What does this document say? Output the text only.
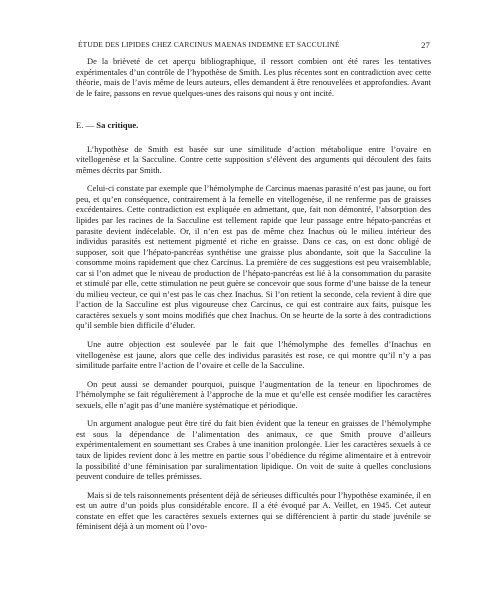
ÉTUDE DES LIPIDES CHEZ CARCINUS MAENAS INDEMNE ET SACCULINÉ	27

De la brièveté de cet aperçu bibliographique, il ressort combien ont été rares les tentatives expérimentales d’un contrôle de l’hypothèse de Smith. Les plus récentes sont en contradiction avec cette théorie, mais de l’avis même de leurs auteurs, elles demandent à être renouvelées et approfondies. Avant de le faire, passons en revue quelques-unes des raisons qui nous y ont incité.

E. — Sa critique.

L’hypothèse de Smith est basée sur une similitude d’action métabolique entre l’ovaire en vitellogenèse et la Sacculine. Contre cette supposition s’élèvent des arguments qui découlent des faits mêmes décrits par Smith.

Celui-ci constate par exemple que l’hémolymphe de Carcinus maenas parasité n’est pas jaune, ou fort peu, et qu’en conséquence, contrairement à la femelle en vitellogenèse, il ne renferme pas de graisses excédentaires. Cette contradiction est expliquée en admettant, que, fait non démontré, l’absorption des lipides par les racines de la Sacculine est tellement rapide que leur passage entre hépato-pancréas et parasite devient indécelable. Or, il n’en est pas de même chez Inachus où le milieu intérieur des individus parasités est nettement pigmenté et riche en graisse. Dans ce cas, on est donc obligé de supposer, soit que l’hépato-pancréas synthétise une graisse plus abondante, soit que la Sacculine la consomme moins rapidement que chez Carcinus. La première de ces suggestions est peu vraisemblable, car si l’on admet que le niveau de production de l’hépato-pancréas est lié à la consommation du parasite et stimulé par elle, cette stimulation ne peut guère se concevoir que sous forme d’une baisse de la teneur du milieu vecteur, ce qui n’est pas le cas chez Inachus. Si l’on retient la seconde, cela revient à dire que l’action de la Sacculine est plus vigoureuse chez Carcinus, ce qui est contraire aux faits, puisque les caractères sexuels y sont moins modifiés que chez Inachus. On se heurte de la sorte à des contradictions qu’il semble bien difficile d’éluder.

Une autre objection est soulevée par le fait que l’hémolymphe des femelles d’Inachus en vitellogenèse est jaune, alors que celle des individus parasités est rose, ce qui montre qu’il n’y a pas similitude parfaite entre l’action de l’ovaire et celle de la Sacculine.

On peut aussi se demander pourquoi, puisque l’augmentation de la teneur en lipochromes de l’hémolymphe se fait régulièrement à l’approche de la mue et qu’elle est censée modifier les caractères sexuels, elle n’agit pas d’une manière systématique et périodique.

Un argument analogue peut être tiré du fait bien évident que la teneur en graisses de l’hémolymphe est sous la dépendance de l’alimentation des animaux, ce que Smith prouve d’ailleurs expérimentalement en soumettant ses Crabes à une inanition prolongée. Lier les caractères sexuels à ce taux de lipides revient donc à les mettre en partie sous l’obédience du régime alimentaire et à entrevoir la possibilité d’une féminisation par suralimentation lipidique. On voit de suite à quelles conclusions peuvent conduire de telles prémisses.

Mais si de tels raisonnements présentent déjà de sérieuses difficultés pour l’hypothèse examinée, il en est un autre d’un poids plus considérable encore. Il a été évoqué par A. Veillet, en 1945. Cet auteur constate en effet que les caractères sexuels externes qui se différencient à partir du stade juvénile se féminisent déjà à un moment où l’ovo-
